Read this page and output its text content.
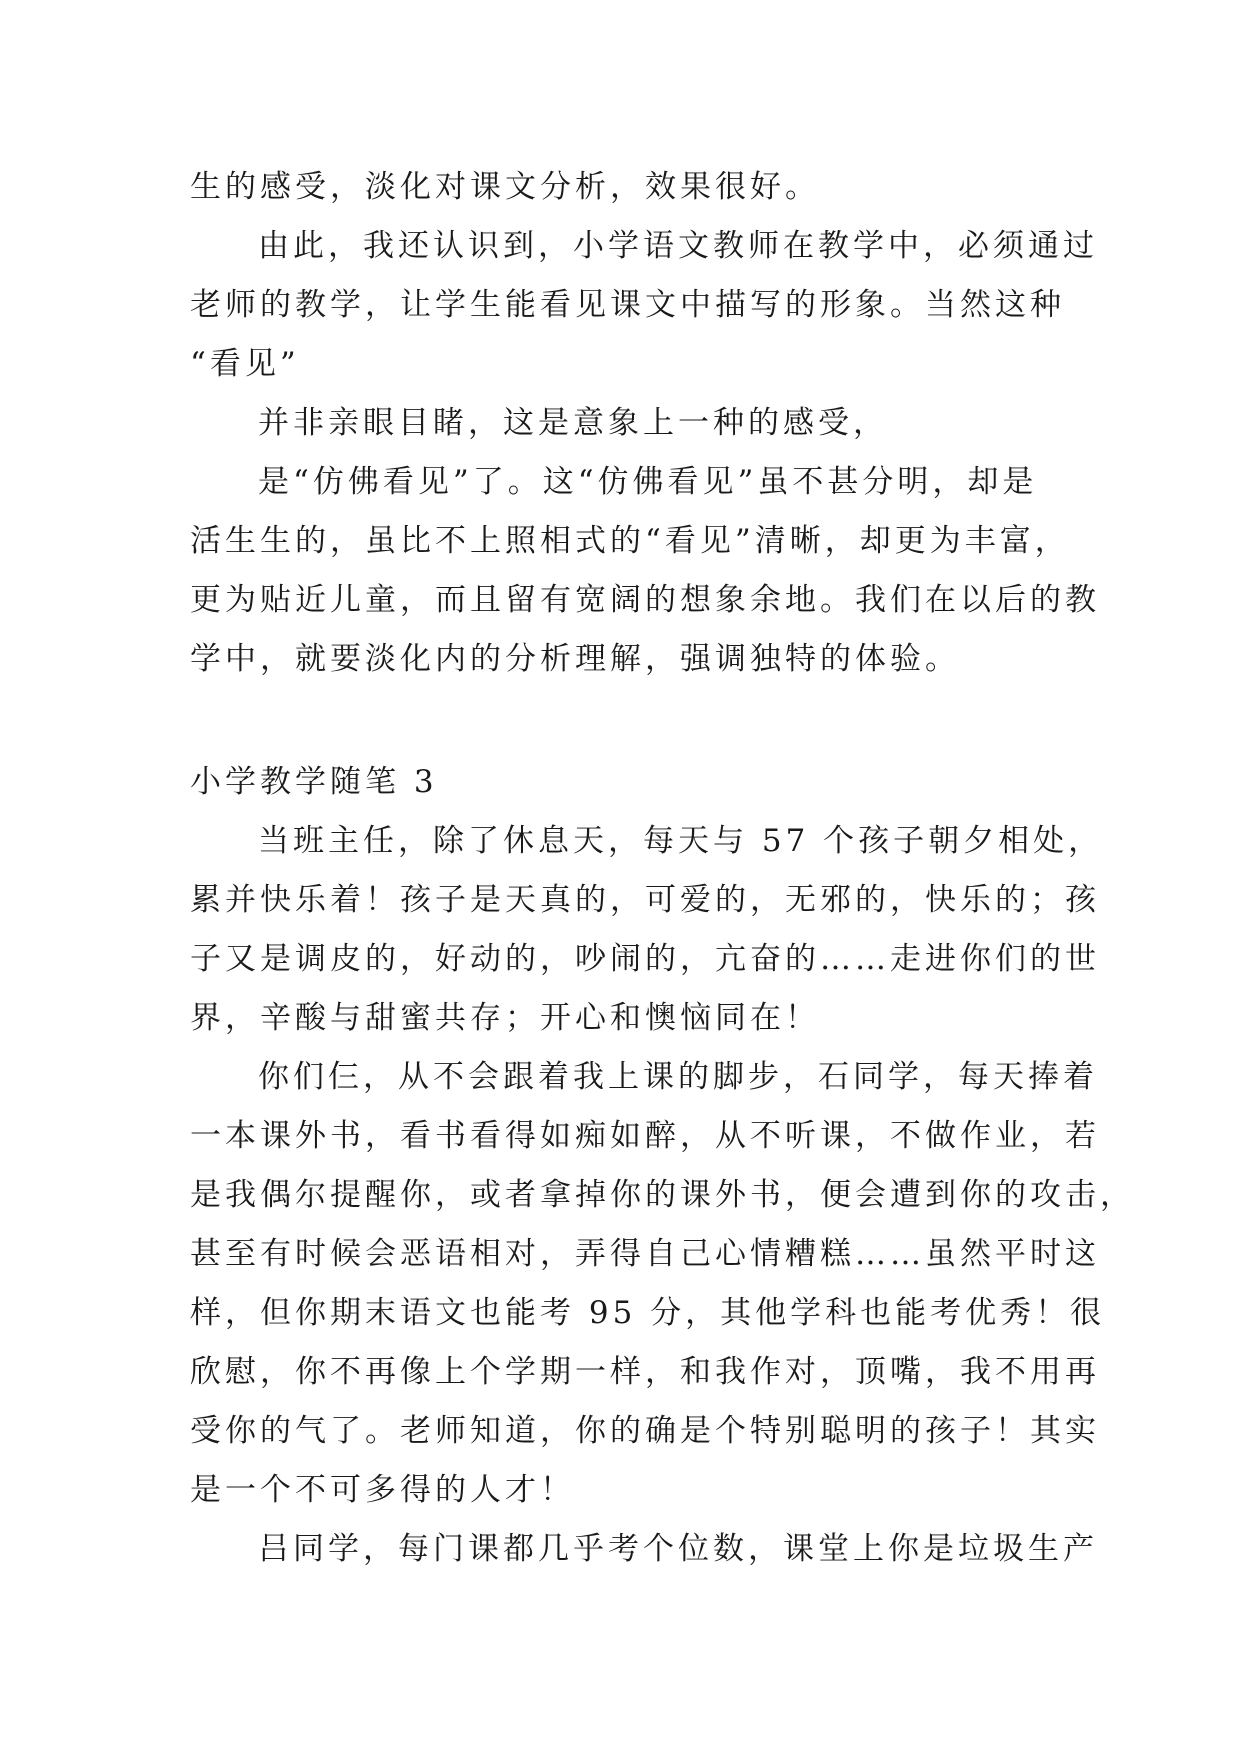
生的感受，淡化对课文分析，效果很好。
由此，我还认识到，小学语文教师在教学中，必须通过
老师的教学，让学生能看见课文中描写的形象。当然这种
“看见”
并非亲眼目睹，这是意象上一种的感受，
是“仿佛看见”了。这“仿佛看见”虽不甚分明，却是
活生生的，虽比不上照相式的“看见”清晰，却更为丰富，
更为贴近儿童，而且留有宽阔的想象余地。我们在以后的教
学中，就要淡化内的分析理解，强调独特的体验。
小学教学随笔 3
当班主任，除了休息天，每天与 57 个孩子朝夕相处，
累并快乐着！孩子是天真的，可爱的，无邪的，快乐的；孩
子又是调皮的，好动的，吵闹的，亢奋的……走进你们的世
界，辛酸与甜蜜共存；开心和懊恼同在！
你们仨，从不会跟着我上课的脚步，石同学，每天捧着
一本课外书，看书看得如痴如醉，从不听课，不做作业，若
是我偶尔提醒你，或者拿掉你的课外书，便会遭到你的攻击，
甚至有时候会恶语相对，弄得自己心情糟糕……虽然平时这
样，但你期末语文也能考 95 分，其他学科也能考优秀！很
欣慰，你不再像上个学期一样，和我作对，顶嘴，我不用再
受你的气了。老师知道，你的确是个特别聪明的孩子！其实
是一个不可多得的人才！
吕同学，每门课都几乎考个位数，课堂上你是垃圾生产
